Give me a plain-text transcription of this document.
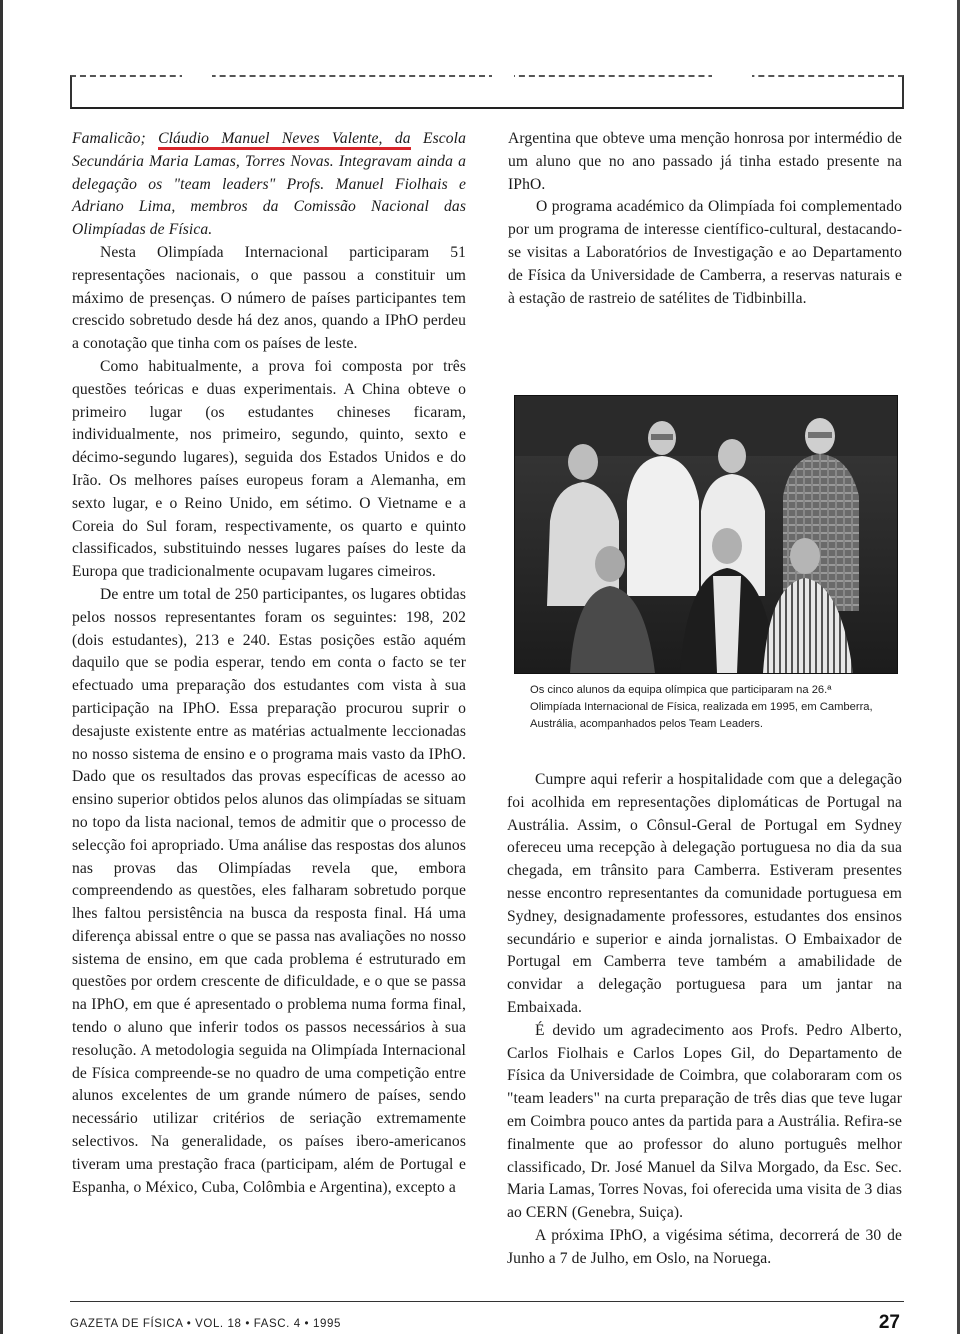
Famalicão; Cláudio Manuel Neves Valente, da Escola Secundária Maria Lamas, Torres Novas. Integravam ainda a delegação os "team leaders" Profs. Manuel Fiolhais e Adriano Lima, membros da Comissão Nacional das Olimpíadas de Física.

Nesta Olimpíada Internacional participaram 51 representações nacionais, o que passou a constituir um máximo de presenças. O número de países participantes tem crescido sobretudo desde há dez anos, quando a IPhO perdeu a conotação que tinha com os países de leste.

Como habitualmente, a prova foi composta por três questões teóricas e duas experimentais. A China obteve o primeiro lugar (os estudantes chineses ficaram, individualmente, nos primeiro, segundo, quinto, sexto e décimo-segundo lugares), seguida dos Estados Unidos e do Irão. Os melhores países europeus foram a Alemanha, em sexto lugar, e o Reino Unido, em sétimo. O Vietname e a Coreia do Sul foram, respectivamente, os quarto e quinto classificados, substituindo nesses lugares países do leste da Europa que tradicionalmente ocupavam lugares cimeiros.

De entre um total de 250 participantes, os lugares obtidas pelos nossos representantes foram os seguintes: 198, 202 (dois estudantes), 213 e 240. Estas posições estão aquém daquilo que se podia esperar, tendo em conta o facto se ter efectuado uma preparação dos estudantes com vista à sua participação na IPhO. Essa preparação procurou suprir o desajuste existente entre as matérias actualmente leccionadas no nosso sistema de ensino e o programa mais vasto da IPhO. Dado que os resultados das provas específicas de acesso ao ensino superior obtidos pelos alunos das olimpíadas se situam no topo da lista nacional, temos de admitir que o processo de selecção foi apropriado. Uma análise das respostas dos alunos nas provas das Olimpíadas revela que, embora compreendendo as questões, eles falharam sobretudo porque lhes faltou persistência na busca da resposta final. Há uma diferença abissal entre o que se passa nas avaliações no nosso sistema de ensino, em que cada problema é estruturado em questões por ordem crescente de dificuldade, e o que se passa na IPhO, em que é apresentado o problema numa forma final, tendo o aluno que inferir todos os passos necessários à sua resolução. A metodologia seguida na Olimpíada Internacional de Física compreende-se no quadro de uma competição entre alunos excelentes de um grande número de países, sendo necessário utilizar critérios de seriação extremamente selectivos. Na generalidade, os países ibero-americanos tiveram uma prestação fraca (participam, além de Portugal e Espanha, o México, Cuba, Colômbia e Argentina), excepto a

Argentina que obteve uma menção honrosa por intermédio de um aluno que no ano passado já tinha estado presente na IPhO.

O programa académico da Olimpíada foi complementado por um programa de interesse científico-cultural, destacando-se visitas a Laboratórios de Investigação e ao Departamento de Física da Universidade de Camberra, a reservas naturais e à estação de rastreio de satélites de Tidbinbilla.

Os cinco alunos da equipa olímpica que participaram na 26.ª Olimpíada Internacional de Física, realizada em 1995, em Camberra, Austrália, acompanhados pelos Team Leaders.

Cumpre aqui referir a hospitalidade com que a delegação foi acolhida em representações diplomáticas de Portugal na Austrália. Assim, o Cônsul-Geral de Portugal em Sydney ofereceu uma recepção à delegação portuguesa no dia da sua chegada, em trânsito para Camberra. Estiveram presentes nesse encontro representantes da comunidade portuguesa em Sydney, designadamente professores, estudantes dos ensinos secundário e superior e ainda jornalistas. O Embaixador de Portugal em Camberra teve também a amabilidade de convidar a delegação portuguesa para um jantar na Embaixada.

É devido um agradecimento aos Profs. Pedro Alberto, Carlos Fiolhais e Carlos Lopes Gil, do Departamento de Física da Universidade de Coimbra, que colaboraram com os "team leaders" na curta preparação de três dias que teve lugar em Coimbra pouco antes da partida para a Austrália. Refira-se finalmente que ao professor do aluno português melhor classificado, Dr. José Manuel da Silva Morgado, da Esc. Sec. Maria Lamas, Torres Novas, foi oferecida uma visita de 3 dias ao CERN (Genebra, Suiça).

A próxima IPhO, a vigésima sétima, decorrerá de 30 de Junho a 7 de Julho, em Oslo, na Noruega.

GAZETA DE FÍSICA • VOL. 18 • FASC. 4 • 1995	27
